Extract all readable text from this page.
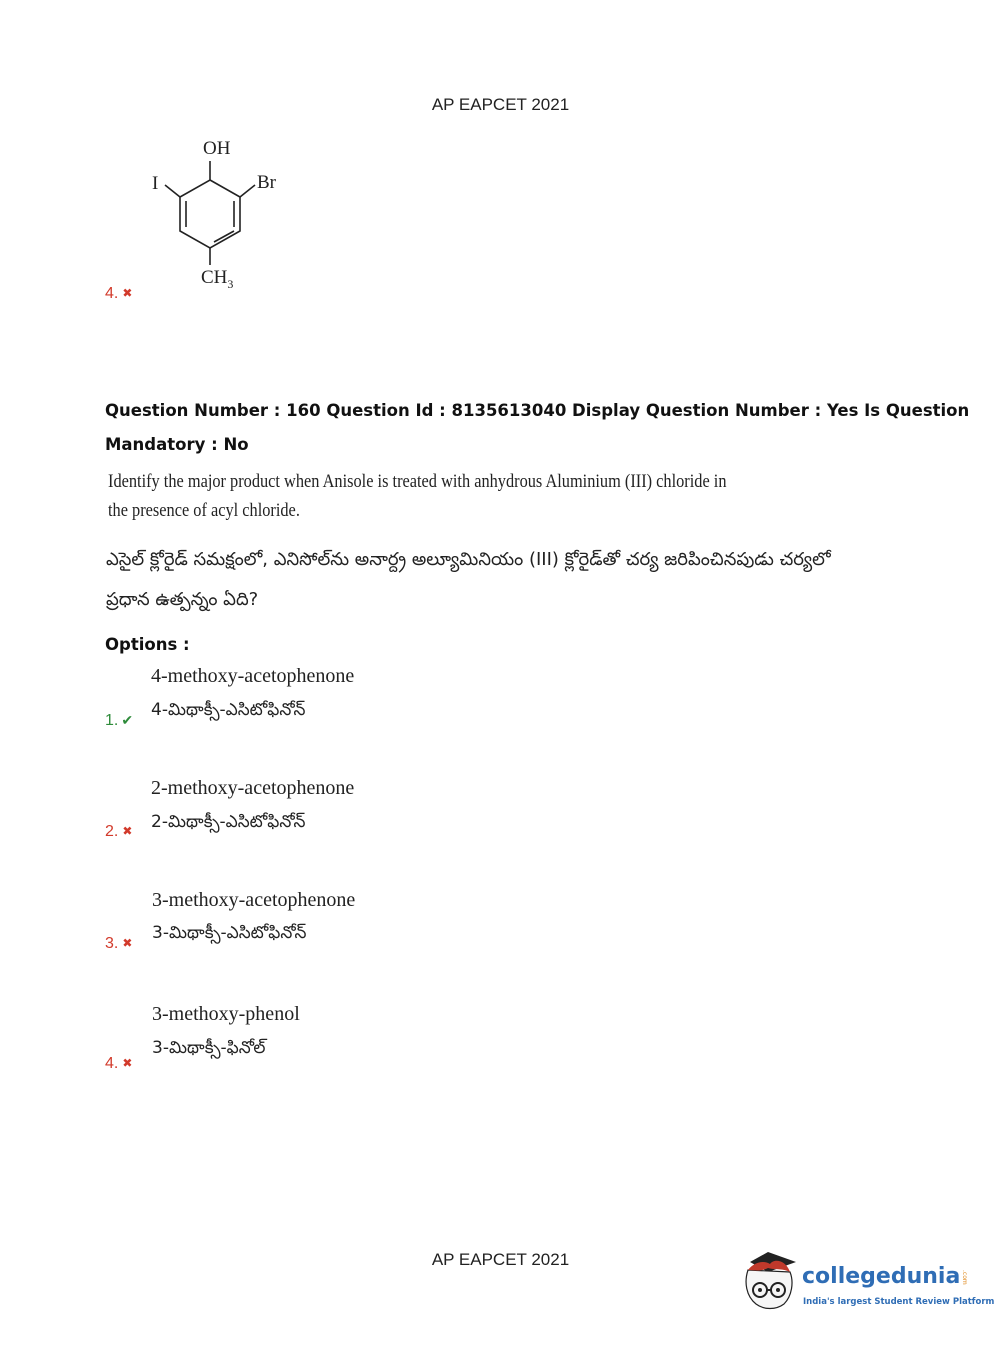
AP EAPCET 2021
OH
I	Br
$CH_3$
4. ✖
Question Number : 160 Question Id : 8135613040 Display Question Number : Yes Is Question
Mandatory : No
Identify the major product when Anisole is treated with anhydrous Aluminium (III) chloride in
the presence of acyl chloride.
ఎసైల్ క్లోరైడ్ సమక్షంలో, ఎనిసోల్‌ను అనార్ద్ర అల్యూమినియం (III) క్లోరైడ్‌తో చర్య జరిపించినపుడు చర్యలో
ప్రధాన ఉత్పన్నం ఏది?
Options :
4-methoxy-acetophenone
4-మిథాక్సీ-ఎసిటోఫినోన్
1. ✔
2-methoxy-acetophenone
2-మిథాక్సీ-ఎసిటోఫినోన్
2. ✖
3-methoxy-acetophenone
3-మిథాక్సీ-ఎసిటోఫినోన్
3. ✖
3-methoxy-phenol
3-మిథాక్సీ-ఫినోల్
4. ✖
AP EAPCET 2021
collegedunia .com
India's largest Student Review Platform
